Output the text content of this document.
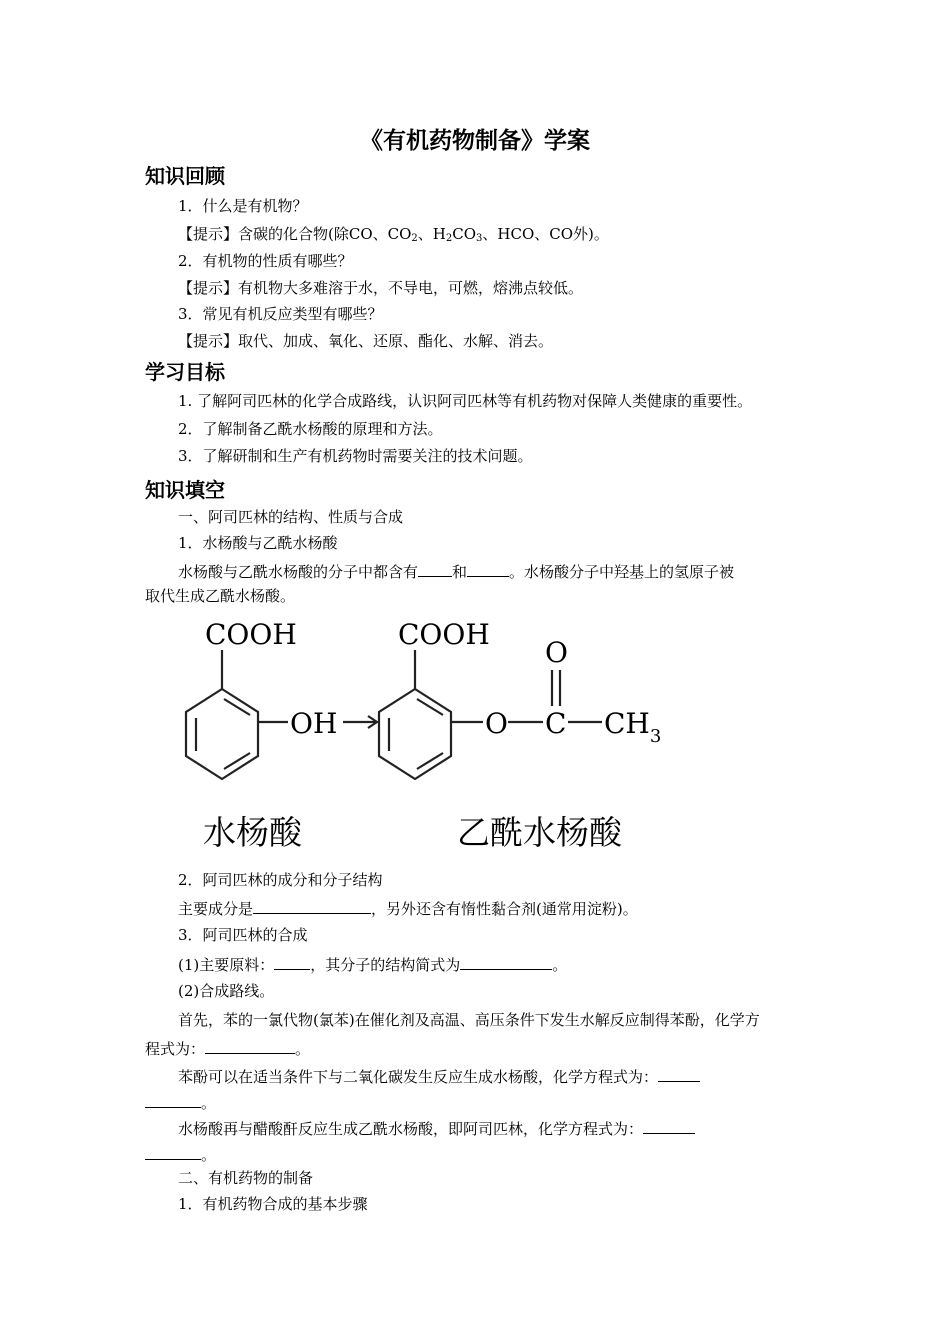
《有机药物制备》学案
知识回顾
1．什么是有机物？
【提示】含碳的化合物(除CO、$CO_2$、$H_2CO_3$、HCO、CO外)。
2．有机物的性质有哪些？
【提示】有机物大多难溶于水，不导电，可燃，熔沸点较低。
3．常见有机反应类型有哪些？
【提示】取代、加成、氧化、还原、酯化、水解、消去。
学习目标
1. 了解阿司匹林的化学合成路线，认识阿司匹林等有机药物对保障人类健康的重要性。
2．了解制备乙酰水杨酸的原理和方法。
3．了解研制和生产有机药物时需要关注的技术问题。
知识填空
一、阿司匹林的结构、性质与合成
1．水杨酸与乙酰水杨酸
水杨酸与乙酰水杨酸的分子中都含有 和	。水杨酸分子中羟基上的氢原子被
取代生成乙酰水杨酸。
COOH
OH
COOH
O
O C $CH_3$
水杨酸	乙酰水杨酸
2．阿司匹林的成分和分子结构
主要成分是	，另外还含有惰性黏合剂(通常用淀粉)。
3．阿司匹林的合成
(1)主要原料： ，其分子的结构简式为	。
(2)合成路线。
首先，苯的一氯代物(氯苯)在催化剂及高温、高压条件下发生水解反应制得苯酚，化学方
程式为：	。
苯酚可以在适当条件下与二氧化碳发生反应生成水杨酸，化学方程式为：
。
水杨酸再与醋酸酐反应生成乙酰水杨酸，即阿司匹林，化学方程式为：
。
二、有机药物的制备
1．有机药物合成的基本步骤
